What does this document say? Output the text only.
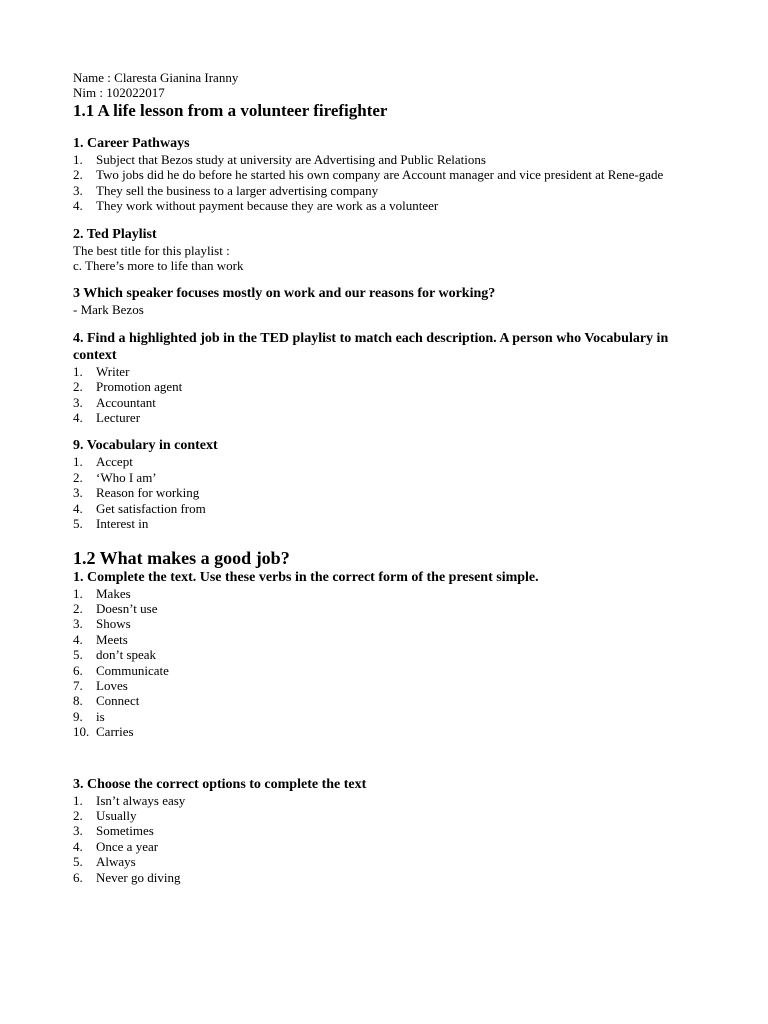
Name : Claresta Gianina Iranny
Nim : 102022017
1.1 A life lesson from a volunteer firefighter
1. Career Pathways
1.	Subject that Bezos study at university are Advertising and Public Relations
2.	Two jobs did he do before he started his own company are Account manager and vice president at Rene-gade
3.	They sell the business to a larger advertising company
4.	They work without payment because they are work as a volunteer
2. Ted Playlist
The best title for this playlist :
c. There’s more to life than work
3 Which speaker focuses mostly on work and our reasons for working?
- Mark Bezos
4. Find a highlighted job in the TED playlist to match each description. A person who Vocabulary in context
1.	Writer
2.	Promotion agent
3.	Accountant
4.	Lecturer
9. Vocabulary in context
1.	Accept
2.	‘Who I am’
3.	Reason for working
4.	Get satisfaction from
5.	Interest in
1.2 What makes a good job?
1. Complete the text. Use these verbs in the correct form of the present simple.
1.	Makes
2.	Doesn’t use
3.	Shows
4.	Meets
5.	don’t speak
6.	Communicate
7.	Loves
8.	Connect
9.	is
10. Carries
3. Choose the correct options to complete the text
1.	Isn’t always easy
2.	Usually
3.	Sometimes
4.	Once a year
5.	Always
6.	Never go diving
